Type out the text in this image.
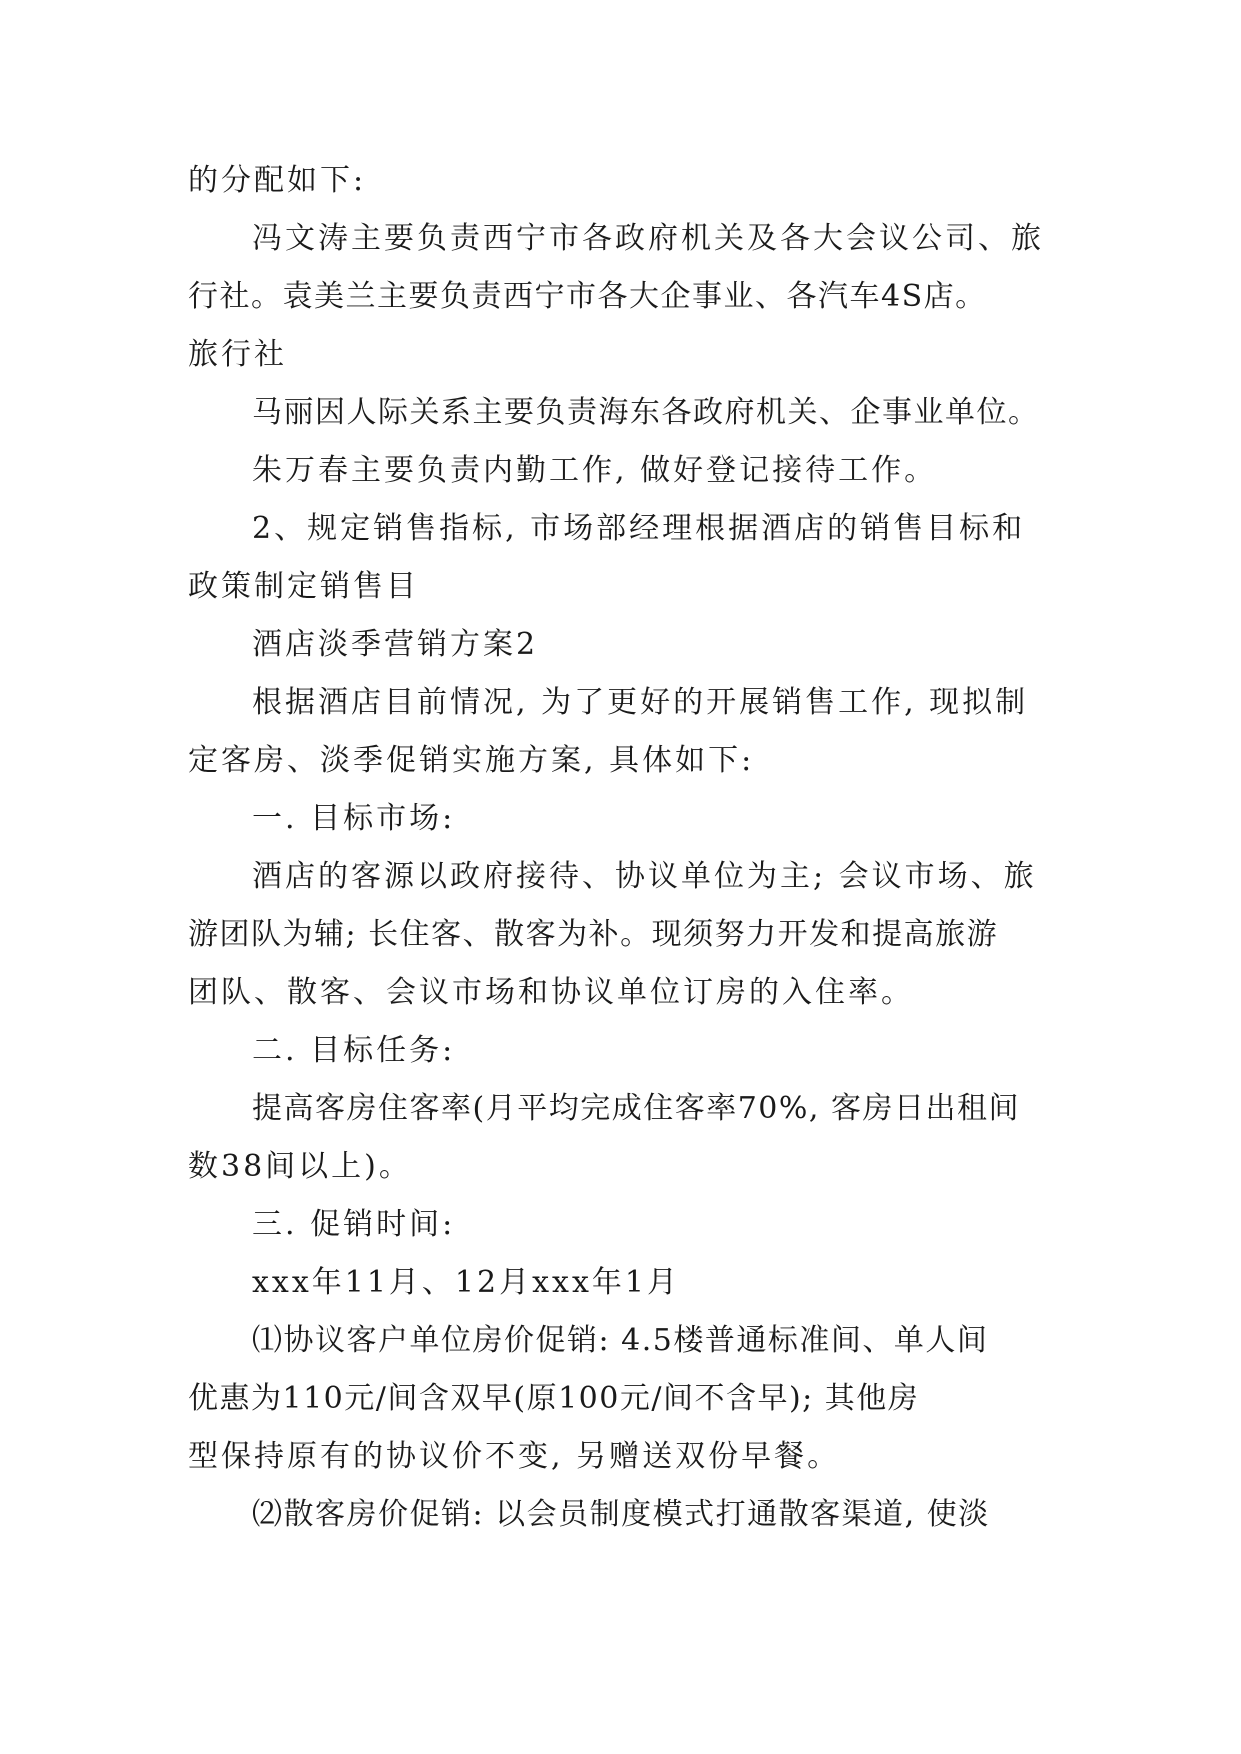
的分配如下:
冯文涛主要负责西宁市各政府机关及各大会议公司、旅
行社。袁美兰主要负责西宁市各大企事业、各汽车4S店。
旅行社
马丽因人际关系主要负责海东各政府机关、企事业单位。
朱万春主要负责内勤工作, 做好登记接待工作。
2、规定销售指标, 市场部经理根据酒店的销售目标和
政策制定销售目
酒店淡季营销方案2
根据酒店目前情况, 为了更好的开展销售工作, 现拟制
定客房、淡季促销实施方案, 具体如下:
一. 目标市场:
酒店的客源以政府接待、协议单位为主; 会议市场、旅
游团队为辅; 长住客、散客为补。现须努力开发和提高旅游
团队、散客、会议市场和协议单位订房的入住率。
二. 目标任务:
提高客房住客率(月平均完成住客率70%, 客房日出租间
数38间以上)。
三. 促销时间:
xxx年11月、12月xxx年1月
⑴协议客户单位房价促销: 4.5楼普通标准间、单人间
优惠为110元/间含双早(原100元/间不含早); 其他房
型保持原有的协议价不变, 另赠送双份早餐。
⑵散客房价促销: 以会员制度模式打通散客渠道, 使淡
